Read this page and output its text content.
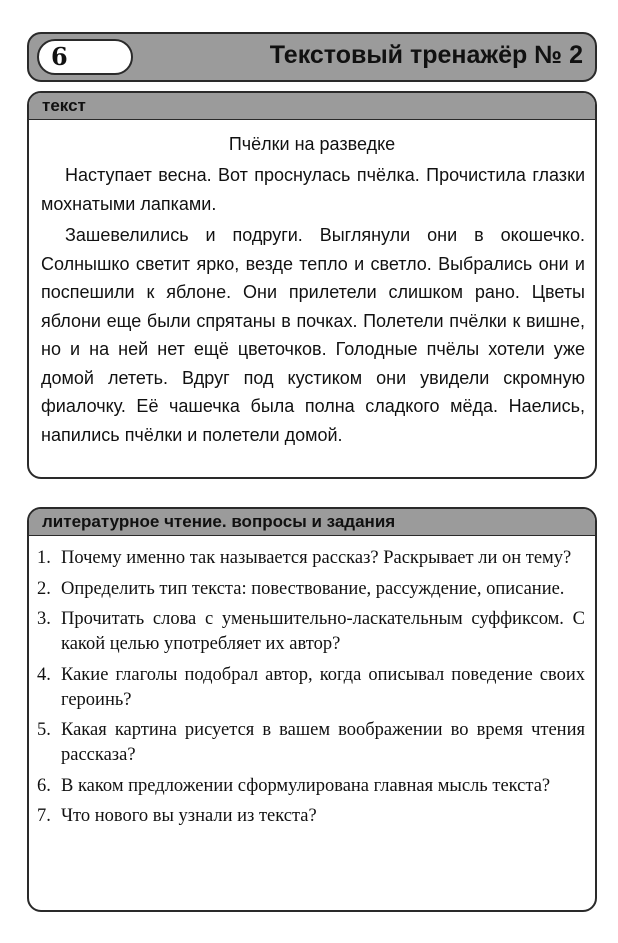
6	Текстовый тренажёр № 2
текст
Пчёлки на разведке

Наступает весна. Вот проснулась пчёлка. Прочистила глазки мохнатыми лапками.

Зашевелились и подруги. Выглянули они в окошечко. Солнышко светит ярко, везде тепло и светло. Выбрались они и поспешили к яблоне. Они прилетели слишком рано. Цветы яблони еще были спрятаны в почках. Полетели пчёлки к вишне, но и на ней нет ещё цветочков. Голодные пчёлы хотели уже домой лететь. Вдруг под кустиком они увидели скромную фиалочку. Её чашечка была полна сладкого мёда. Наелись, напились пчёлки и полетели домой.

литературное чтение. вопросы и задания
1. Почему именно так называется рассказ? Раскрывает ли он тему?
2. Определить тип текста: повествование, рассуждение, описание.
3. Прочитать слова с уменьшительно-ласкательным суффиксом. С какой целью употребляет их автор?
4. Какие глаголы подобрал автор, когда описывал поведение своих героинь?
5. Какая картина рисуется в вашем воображении во время чтения рассказа?
6. В каком предложении сформулирована главная мысль текста?
7. Что нового вы узнали из текста?
